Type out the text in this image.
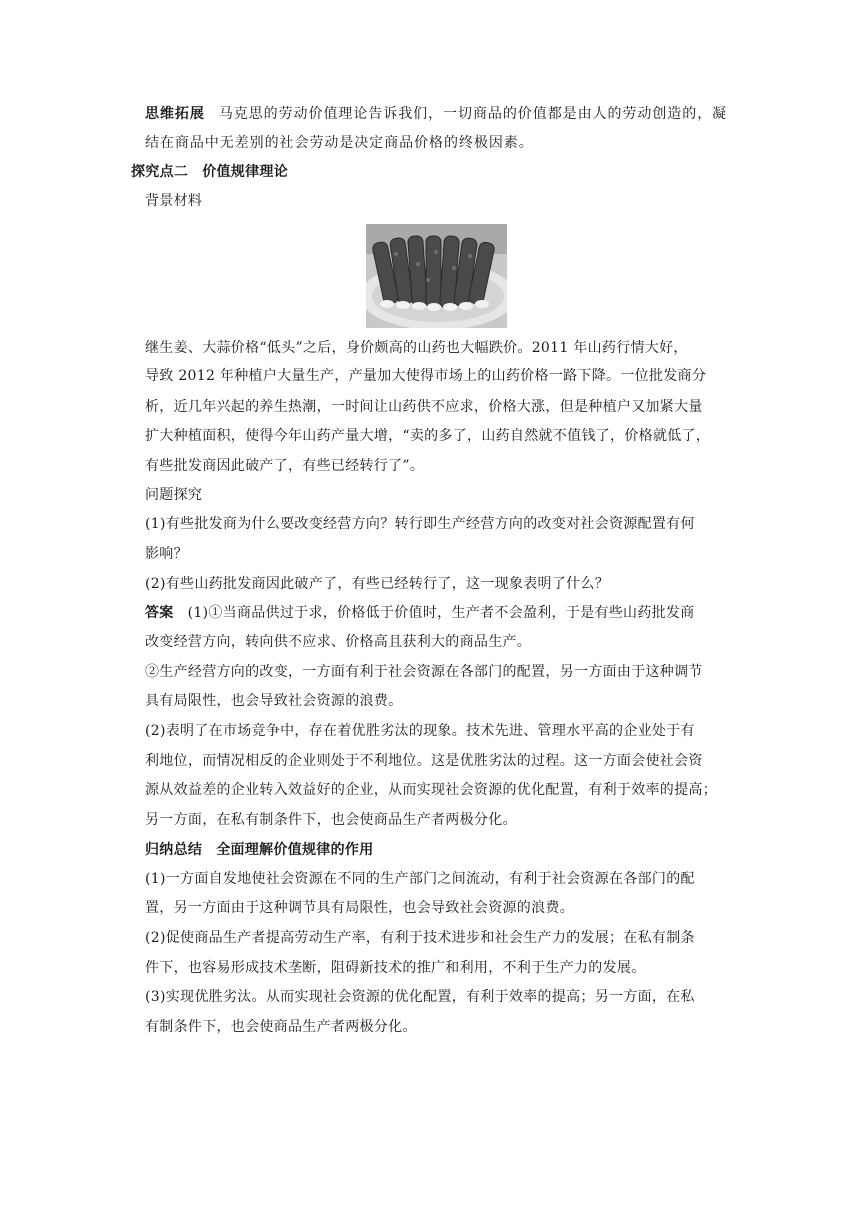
思维拓展 马克思的劳动价值理论告诉我们，一切商品的价值都是由人的劳动创造的，凝
结在商品中无差别的社会劳动是决定商品价格的终极因素。
探究点二 价值规律理论
背景材料
继生姜、大蒜价格“低头”之后，身价颇高的山药也大幅跌价。2011 年山药行情大好，
导致 2012 年种植户大量生产，产量加大使得市场上的山药价格一路下降。一位批发商分
析，近几年兴起的养生热潮，一时间让山药供不应求，价格大涨，但是种植户又加紧大量
扩大种植面积，使得今年山药产量大增，“卖的多了，山药自然就不值钱了，价格就低了，
有些批发商因此破产了，有些已经转行了”。
问题探究
(1)有些批发商为什么要改变经营方向？转行即生产经营方向的改变对社会资源配置有何
影响？
(2)有些山药批发商因此破产了，有些已经转行了，这一现象表明了什么？
答案 (1)①当商品供过于求，价格低于价值时，生产者不会盈利，于是有些山药批发商
改变经营方向，转向供不应求、价格高且获利大的商品生产。
②生产经营方向的改变，一方面有利于社会资源在各部门的配置，另一方面由于这种调节
具有局限性，也会导致社会资源的浪费。
(2)表明了在市场竞争中，存在着优胜劣汰的现象。技术先进、管理水平高的企业处于有
利地位，而情况相反的企业则处于不利地位。这是优胜劣汰的过程。这一方面会使社会资
源从效益差的企业转入效益好的企业，从而实现社会资源的优化配置，有利于效率的提高；
另一方面，在私有制条件下，也会使商品生产者两极分化。
归纳总结 全面理解价值规律的作用
(1)一方面自发地使社会资源在不同的生产部门之间流动，有利于社会资源在各部门的配
置，另一方面由于这种调节具有局限性，也会导致社会资源的浪费。
(2)促使商品生产者提高劳动生产率，有利于技术进步和社会生产力的发展；在私有制条
件下，也容易形成技术垄断，阻碍新技术的推广和利用，不利于生产力的发展。
(3)实现优胜劣汰。从而实现社会资源的优化配置，有利于效率的提高；另一方面，在私
有制条件下，也会使商品生产者两极分化。
